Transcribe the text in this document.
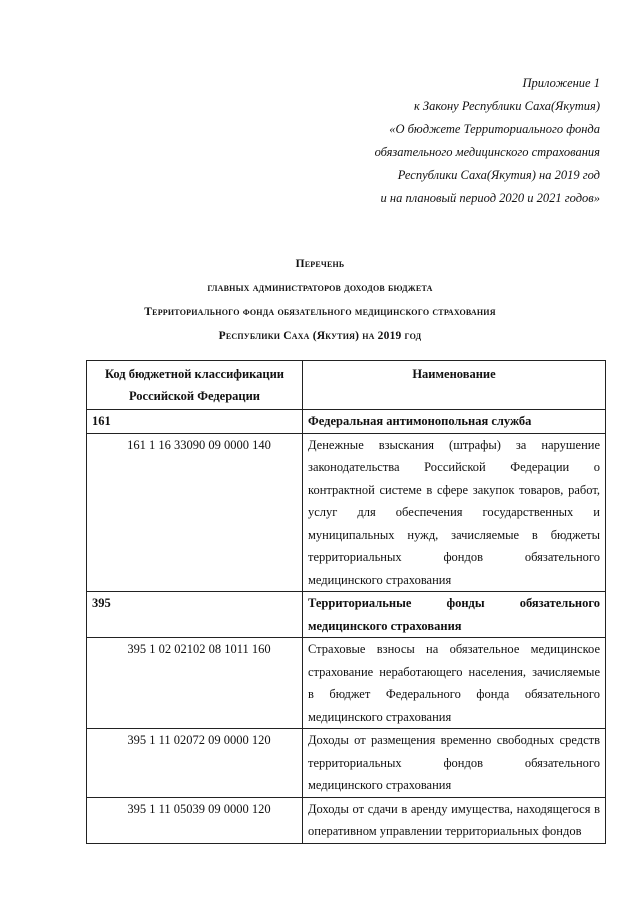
Приложение 1
к Закону Республики Саха(Якутия)
«О бюджете Территориального фонда
обязательного медицинского страхования
Республики Саха(Якутия) на 2019 год
и на плановый период 2020 и 2021 годов»
Перечень
главных администраторов доходов бюджета
Территориального фонда обязательного медицинского страхования
Республики Саха (Якутия) на 2019 год
Код бюджетной классификации Российской Федерации	Наименование
161	Федеральная антимонопольная служба
161 1 16 33090 09 0000 140	Денежные взыскания (штрафы) за нарушение законодательства Российской Федерации о контрактной системе в сфере закупок товаров, работ, услуг для обеспечения государственных и муниципальных нужд, зачисляемые в бюджеты территориальных фондов обязательного медицинского страхования
395	Территориальные фонды обязательного медицинского страхования
395 1 02 02102 08 1011 160	Страховые взносы на обязательное медицинское страхование неработающего населения, зачисляемые в бюджет Федерального фонда обязательного медицинского страхования
395 1 11 02072 09 0000 120	Доходы от размещения временно свободных средств территориальных фондов обязательного медицинского страхования
395 1 11 05039 09 0000 120	Доходы от сдачи в аренду имущества, находящегося в оперативном управлении территориальных фондов
